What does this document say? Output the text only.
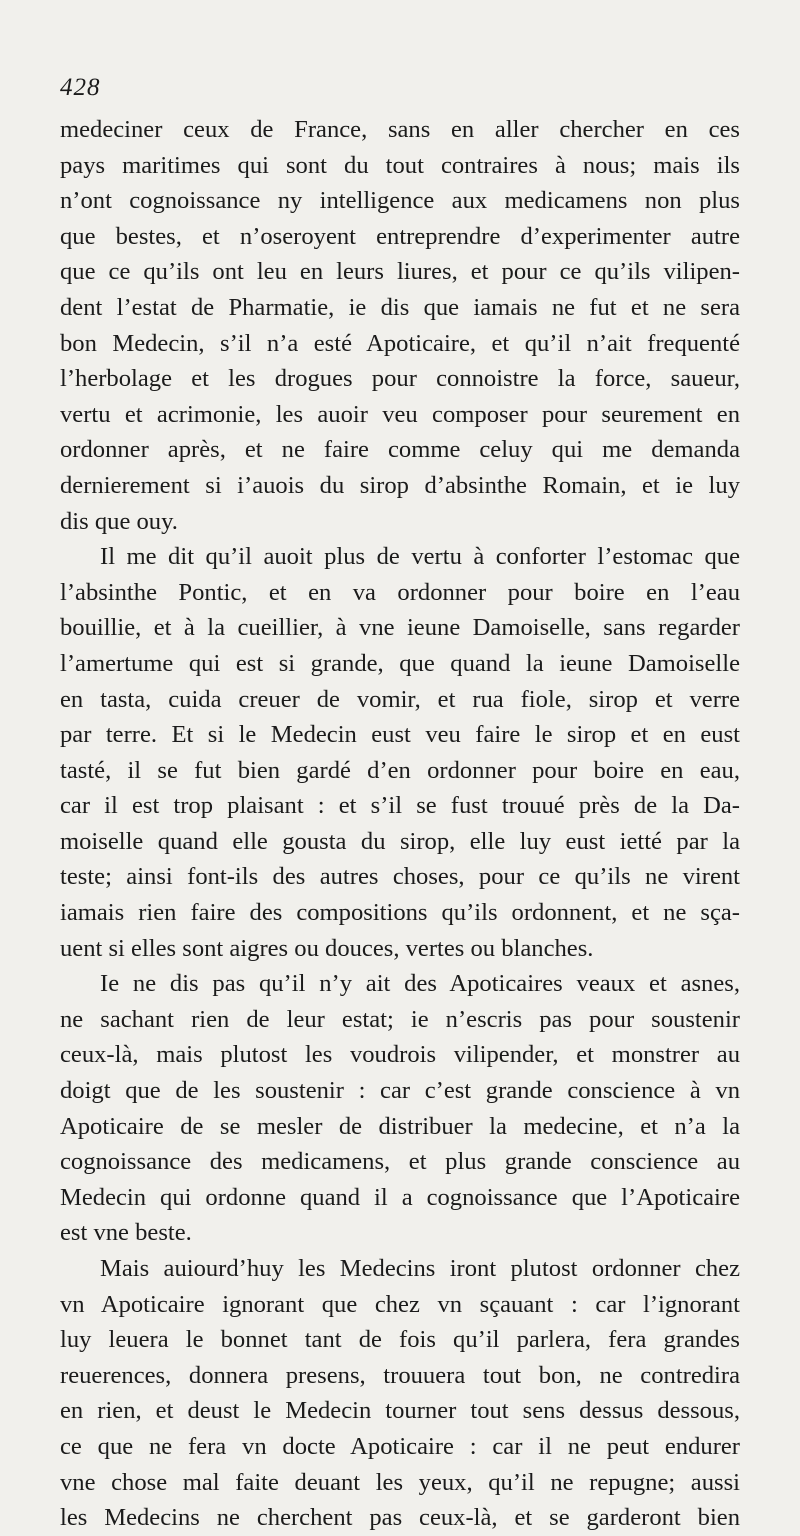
428
medeciner ceux de France, sans en aller chercher en ces
pays maritimes qui sont du tout contraires à nous; mais ils
n’ont cognoissance ny intelligence aux medicamens non plus
que bestes, et n’oseroyent entreprendre d’experimenter autre
que ce qu’ils ont leu en leurs liures, et pour ce qu’ils vilipen-
dent l’estat de Pharmatie, ie dis que iamais ne fut et ne sera
bon Medecin, s’il n’a esté Apoticaire, et qu’il n’ait frequenté
l’herbolage et les drogues pour connoistre la force, saueur,
vertu et acrimonie, les auoir veu composer pour seurement en
ordonner après, et ne faire comme celuy qui me demanda
dernierement si i’auois du sirop d’absinthe Romain, et ie luy
dis que ouy.
Il me dit qu’il auoit plus de vertu à conforter l’estomac que
l’absinthe Pontic, et en va ordonner pour boire en l’eau
bouillie, et à la cueillier, à vne ieune Damoiselle, sans regarder
l’amertume qui est si grande, que quand la ieune Damoiselle
en tasta, cuida creuer de vomir, et rua fiole, sirop et verre
par terre. Et si le Medecin eust veu faire le sirop et en eust
tasté, il se fut bien gardé d’en ordonner pour boire en eau,
car il est trop plaisant : et s’il se fust trouué près de la Da-
moiselle quand elle gousta du sirop, elle luy eust ietté par la
teste; ainsi font-ils des autres choses, pour ce qu’ils ne virent
iamais rien faire des compositions qu’ils ordonnent, et ne sça-
uent si elles sont aigres ou douces, vertes ou blanches.
Ie ne dis pas qu’il n’y ait des Apoticaires veaux et asnes,
ne sachant rien de leur estat; ie n’escris pas pour soustenir
ceux-là, mais plutost les voudrois vilipender, et monstrer au
doigt que de les soustenir : car c’est grande conscience à vn
Apoticaire de se mesler de distribuer la medecine, et n’a la
cognoissance des medicamens, et plus grande conscience au
Medecin qui ordonne quand il a cognoissance que l’Apoticaire
est vne beste.
Mais auiourd’huy les Medecins iront plutost ordonner chez
vn Apoticaire ignorant que chez vn sçauant : car l’ignorant
luy leuera le bonnet tant de fois qu’il parlera, fera grandes
reuerences, donnera presens, trouuera tout bon, ne contredira
en rien, et deust le Medecin tourner tout sens dessus dessous,
ce que ne fera vn docte Apoticaire : car il ne peut endurer
vne chose mal faite deuant les yeux, qu’il ne repugne; aussi
les Medecins ne cherchent pas ceux-là, et se garderont bien
